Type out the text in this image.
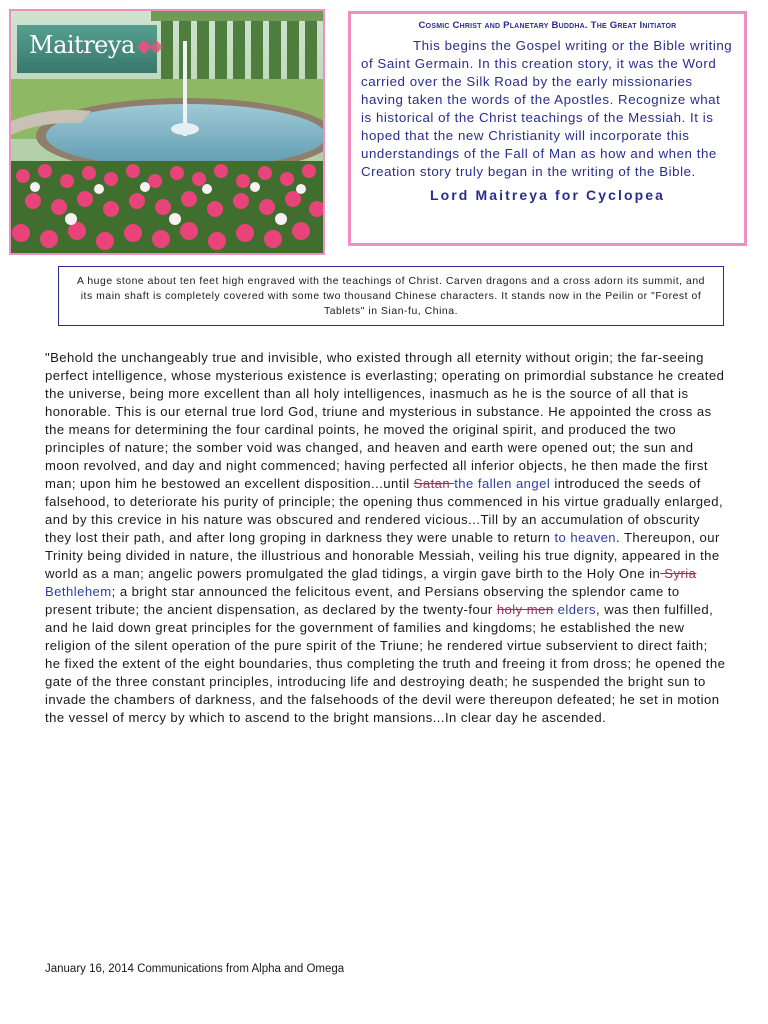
Maitreya
Cosmic Christ and Planetary Buddha. The Great Initiator

This begins the Gospel writing or the Bible writing of Saint Germain. In this creation story, it was the Word carried over the Silk Road by the early missionaries having taken the words of the Apostles. Recognize what is historical of the Christ teachings of the Messiah. It is hoped that the new Christianity will incorporate this understandings of the Fall of Man as how and when the Creation story truly began in the writing of the Bible.

Lord Maitreya for Cyclopea
A huge stone about ten feet high engraved with the teachings of Christ. Carven dragons and a cross adorn its summit, and its main shaft is completely covered with some two thousand Chinese characters. It stands now in the Peilin or "Forest of Tablets" in Sian-fu, China.

"Behold the unchangeably true and invisible, who existed through all eternity without origin; the far-seeing perfect intelligence, whose mysterious existence is everlasting; operating on primordial substance he created the universe, being more excellent than all holy intelligences, inasmuch as he is the source of all that is honorable. This is our eternal true lord God, triune and mysterious in substance. He appointed the cross as the means for determining the four cardinal points, he moved the original spirit, and produced the two principles of nature; the somber void was changed, and heaven and earth were opened out; the sun and moon revolved, and day and night commenced; having perfected all inferior objects, he then made the first man; upon him he bestowed an excellent disposition...until Satan the fallen angel introduced the seeds of falsehood, to deteriorate his purity of principle; the opening thus commenced in his virtue gradually enlarged, and by this crevice in his nature was obscured and rendered vicious...Till by an accumulation of obscurity they lost their path, and after long groping in darkness they were unable to return to heaven. Thereupon, our Trinity being divided in nature, the illustrious and honorable Messiah, veiling his true dignity, appeared in the world as a man; angelic powers promulgated the glad tidings, a virgin gave birth to the Holy One in Syria Bethlehem; a bright star announced the felicitous event, and Persians observing the splendor came to present tribute; the ancient dispensation, as declared by the twenty-four holy men elders, was then fulfilled, and he laid down great principles for the government of families and kingdoms; he established the new religion of the silent operation of the pure spirit of the Triune; he rendered virtue subservient to direct faith; he fixed the extent of the eight boundaries, thus completing the truth and freeing it from dross; he opened the gate of the three constant principles, introducing life and destroying death; he suspended the bright sun to invade the chambers of darkness, and the falsehoods of the devil were thereupon defeated; he set in motion the vessel of mercy by which to ascend to the bright mansions...In clear day he ascended.

January 16, 2014 Communications from Alpha and Omega
